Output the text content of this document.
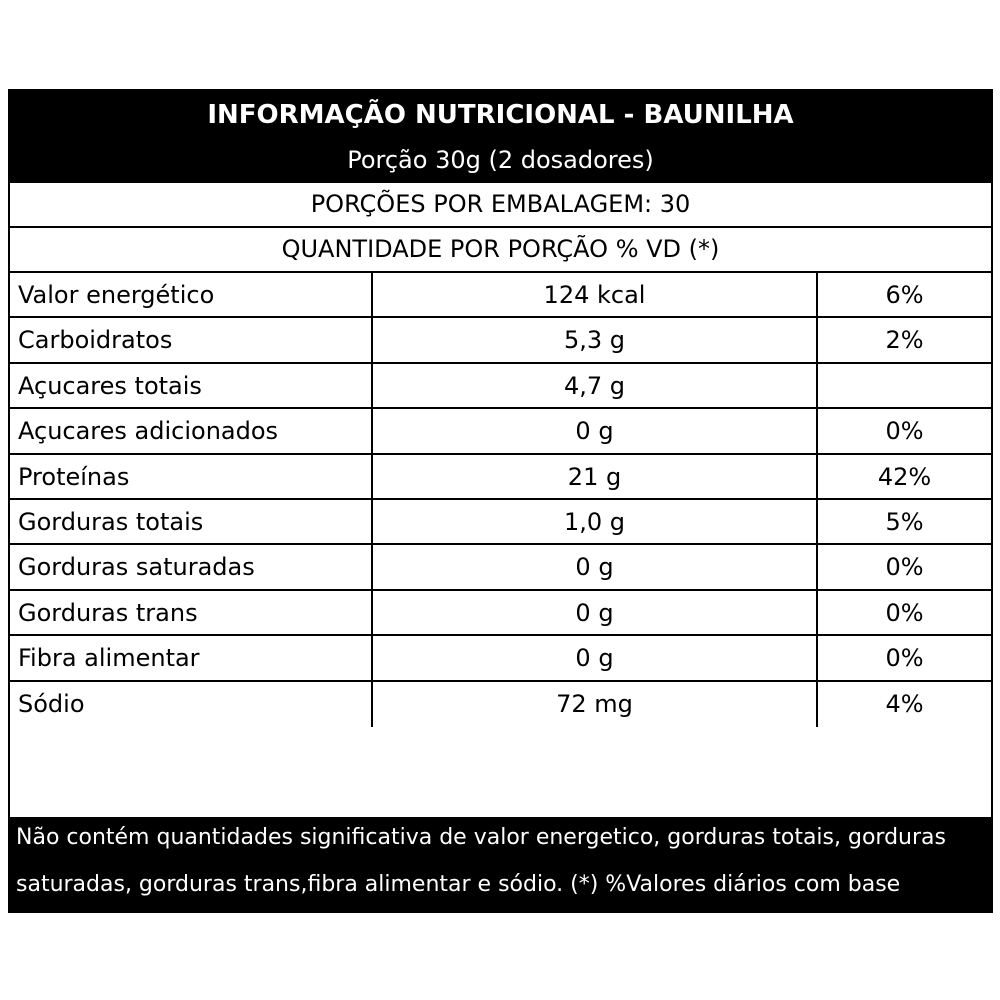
INFORMAÇÃO NUTRICIONAL - BAUNILHA
Porção 30g (2 dosadores)
PORÇÕES POR EMBALAGEM: 30
QUANTIDADE POR PORÇÃO % VD (*)
Valor energético	124 kcal	6%
Carboidratos	5,3 g	2%
Açucares totais	4,7 g
Açucares adicionados	0 g	0%
Proteínas	21 g	42%
Gorduras totais	1,0 g	5%
Gorduras saturadas	0 g	0%
Gorduras trans	0 g	0%
Fibra alimentar	0 g	0%
Sódio	72 mg	4%
Não contém quantidades significativa de valor energetico, gorduras totais, gorduras
saturadas, gorduras trans,fibra alimentar e sódio. (*) %Valores diários com base
em uma dieta de 2.000 kcal ou 8400 kJ.Seus valores diários podem ser maiores ou menores
dependendo de suas necessidades energéticas.
